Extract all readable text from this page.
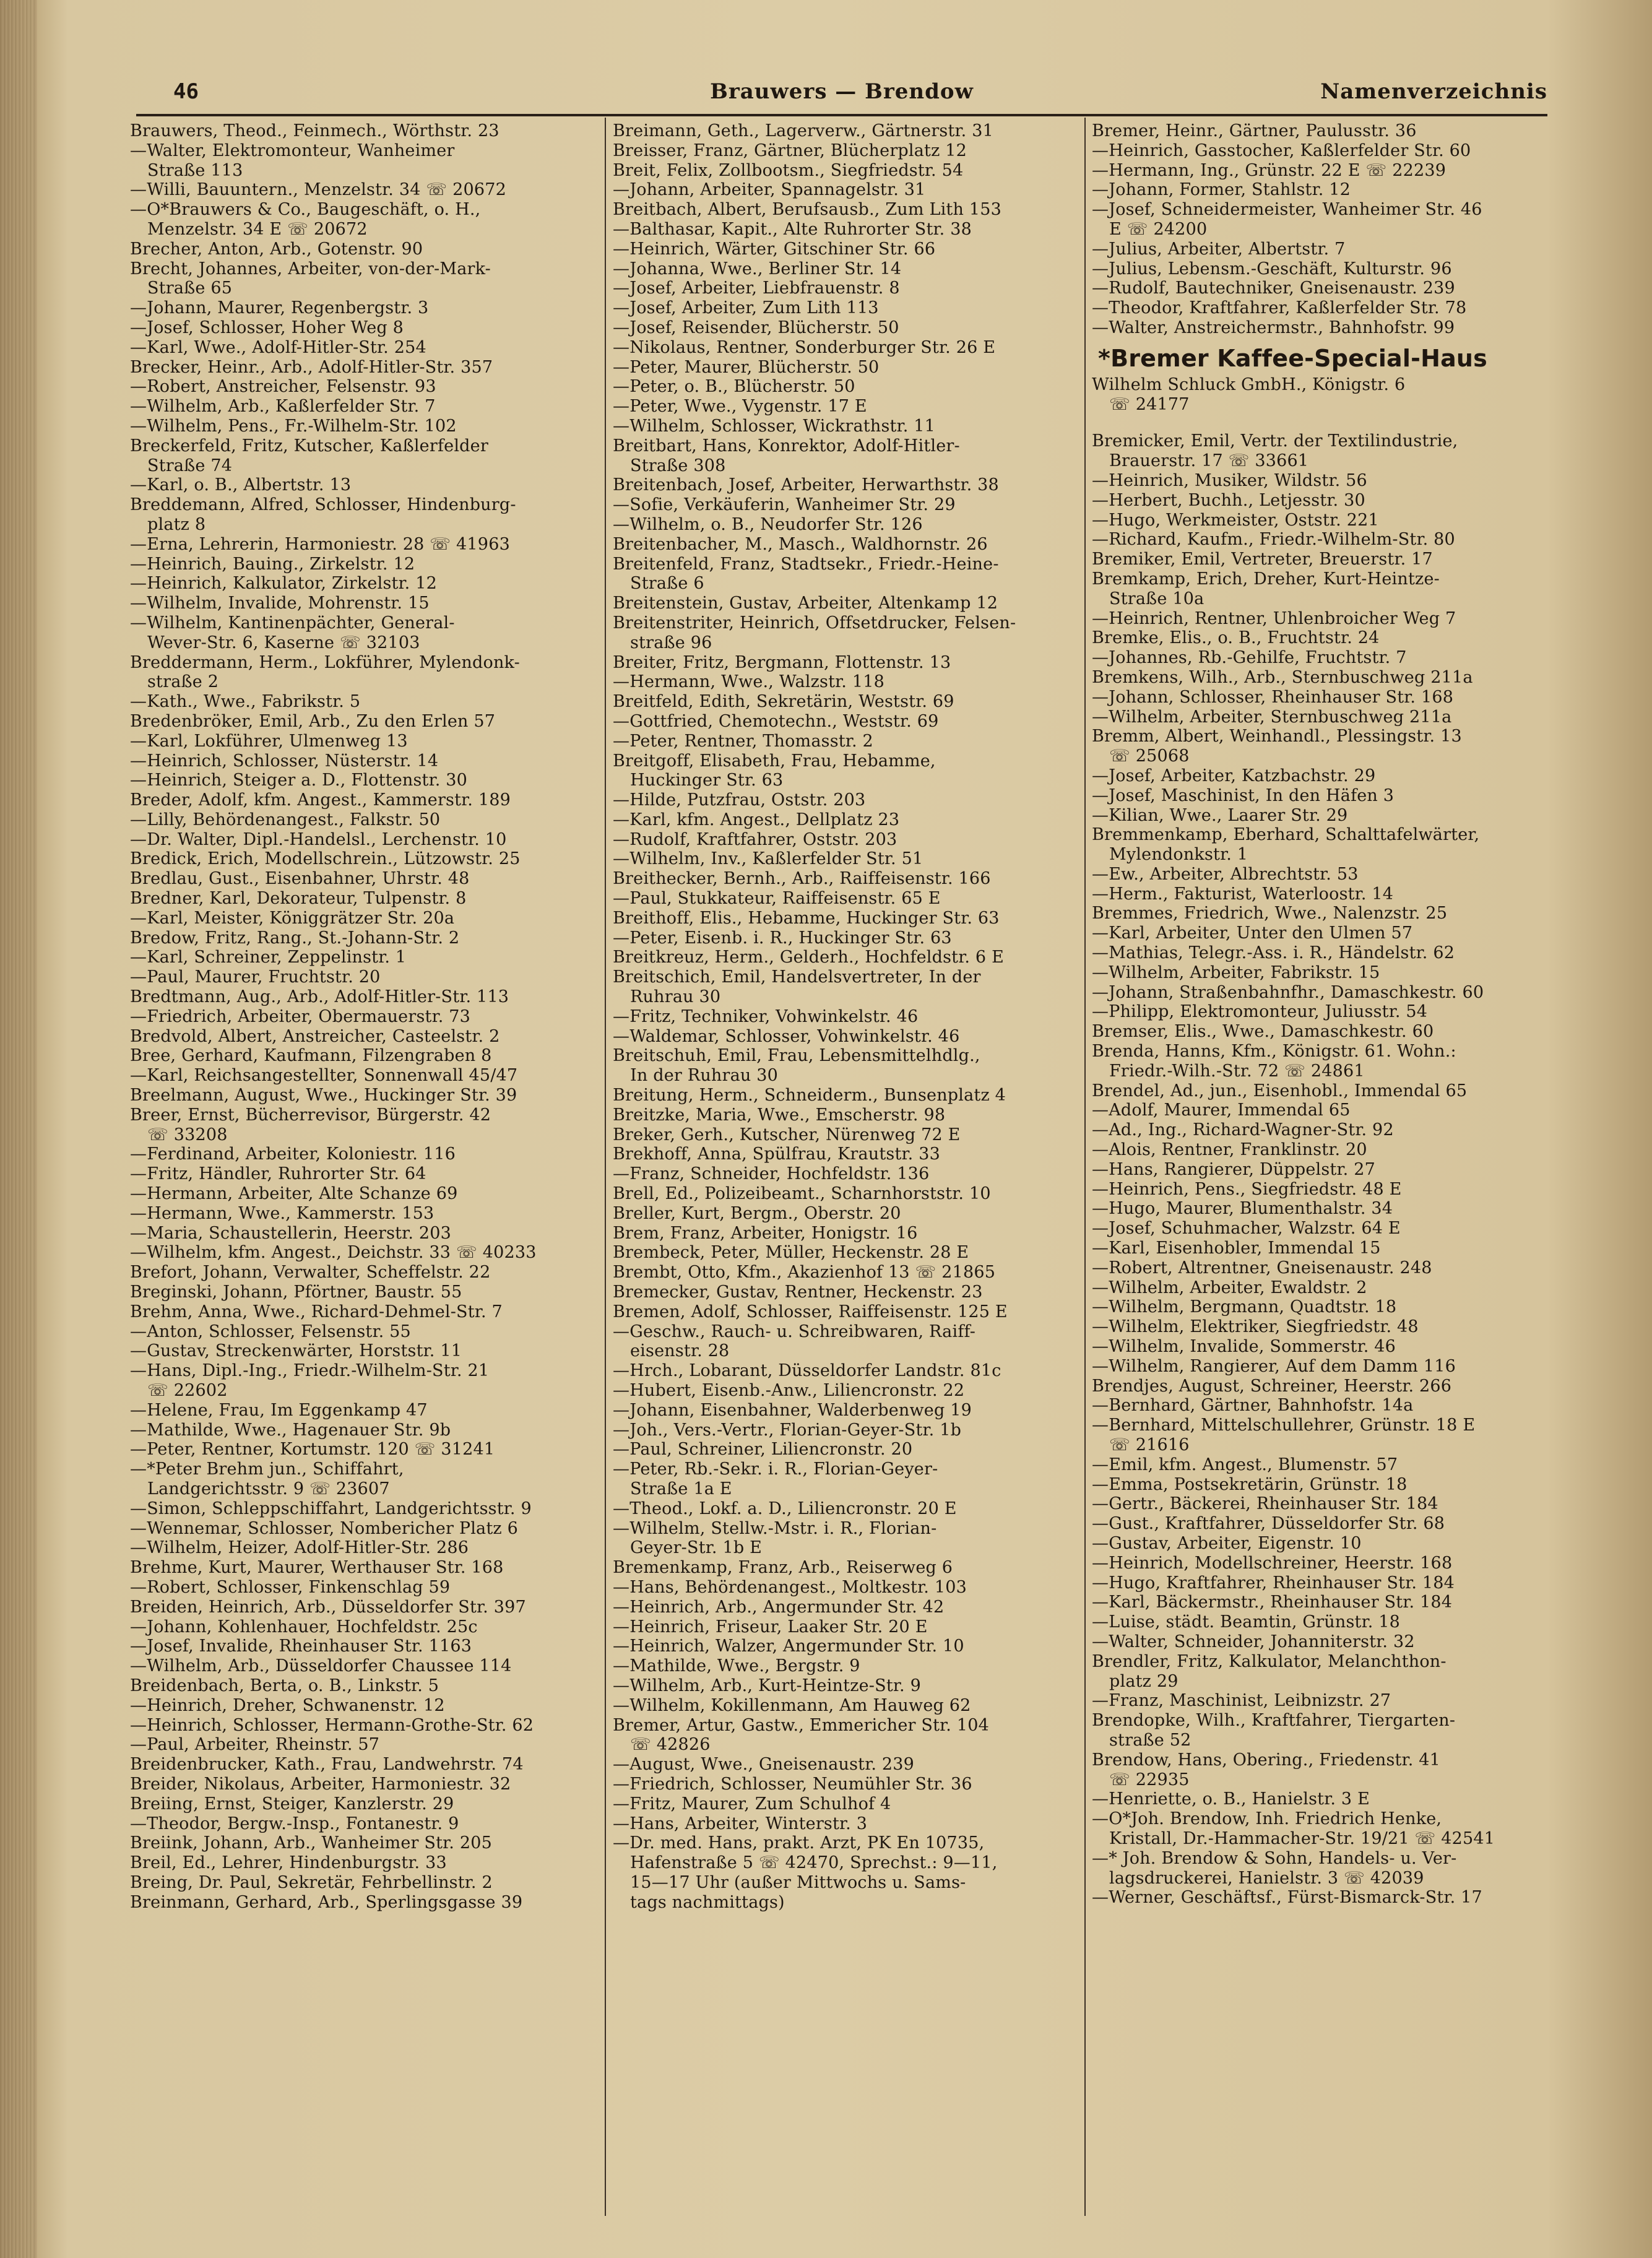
46	Brauwers — Brendow	Namenverzeichnis
Brauwers, Theod., Feinmech., Wörthstr. 23
—Walter, Elektromonteur, Wanheimer
Straße 113
—Willi, Bauuntern., Menzelstr. 34 ☏ 20672
—O*Brauwers & Co., Baugeschäft, o. H.,
Menzelstr. 34 E ☏ 20672
Brecher, Anton, Arb., Gotenstr. 90
Brecht, Johannes, Arbeiter, von-der-Mark-
Straße 65
—Johann, Maurer, Regenbergstr. 3
—Josef, Schlosser, Hoher Weg 8
—Karl, Wwe., Adolf-Hitler-Str. 254
Brecker, Heinr., Arb., Adolf-Hitler-Str. 357
—Robert, Anstreicher, Felsenstr. 93
—Wilhelm, Arb., Kaßlerfelder Str. 7
—Wilhelm, Pens., Fr.-Wilhelm-Str. 102
Breckerfeld, Fritz, Kutscher, Kaßlerfelder
Straße 74
—Karl, o. B., Albertstr. 13
Breddemann, Alfred, Schlosser, Hindenburg-
platz 8
—Erna, Lehrerin, Harmoniestr. 28 ☏ 41963
—Heinrich, Bauing., Zirkelstr. 12
—Heinrich, Kalkulator, Zirkelstr. 12
—Wilhelm, Invalide, Mohrenstr. 15
—Wilhelm, Kantinenpächter, General-
Wever-Str. 6, Kaserne ☏ 32103
Breddermann, Herm., Lokführer, Mylendonk-
straße 2
—Kath., Wwe., Fabrikstr. 5
Bredenbröker, Emil, Arb., Zu den Erlen 57
—Karl, Lokführer, Ulmenweg 13
—Heinrich, Schlosser, Nüsterstr. 14
—Heinrich, Steiger a. D., Flottenstr. 30
Breder, Adolf, kfm. Angest., Kammerstr. 189
—Lilly, Behördenangest., Falkstr. 50
—Dr. Walter, Dipl.-Handelsl., Lerchenstr. 10
Bredick, Erich, Modellschrein., Lützowstr. 25
Bredlau, Gust., Eisenbahner, Uhrstr. 48
Bredner, Karl, Dekorateur, Tulpenstr. 8
—Karl, Meister, Königgrätzer Str. 20a
Bredow, Fritz, Rang., St.-Johann-Str. 2
—Karl, Schreiner, Zeppelinstr. 1
—Paul, Maurer, Fruchtstr. 20
Bredtmann, Aug., Arb., Adolf-Hitler-Str. 113
—Friedrich, Arbeiter, Obermauerstr. 73
Bredvold, Albert, Anstreicher, Casteelstr. 2
Bree, Gerhard, Kaufmann, Filzengraben 8
—Karl, Reichsangestellter, Sonnenwall 45/47
Breelmann, August, Wwe., Huckinger Str. 39
Breer, Ernst, Bücherrevisor, Bürgerstr. 42
☏ 33208
—Ferdinand, Arbeiter, Koloniestr. 116
—Fritz, Händler, Ruhrorter Str. 64
—Hermann, Arbeiter, Alte Schanze 69
—Hermann, Wwe., Kammerstr. 153
—Maria, Schaustellerin, Heerstr. 203
—Wilhelm, kfm. Angest., Deichstr. 33 ☏ 40233
Brefort, Johann, Verwalter, Scheffelstr. 22
Breginski, Johann, Pförtner, Baustr. 55
Brehm, Anna, Wwe., Richard-Dehmel-Str. 7
—Anton, Schlosser, Felsenstr. 55
—Gustav, Streckenwärter, Horststr. 11
—Hans, Dipl.-Ing., Friedr.-Wilhelm-Str. 21
☏ 22602
—Helene, Frau, Im Eggenkamp 47
—Mathilde, Wwe., Hagenauer Str. 9b
—Peter, Rentner, Kortumstr. 120 ☏ 31241
—*Peter Brehm jun., Schiffahrt,
Landgerichtsstr. 9 ☏ 23607
—Simon, Schleppschiffahrt, Landgerichtsstr. 9
—Wennemar, Schlosser, Nombericher Platz 6
—Wilhelm, Heizer, Adolf-Hitler-Str. 286
Brehme, Kurt, Maurer, Werthauser Str. 168
—Robert, Schlosser, Finkenschlag 59
Breiden, Heinrich, Arb., Düsseldorfer Str. 397
—Johann, Kohlenhauer, Hochfeldstr. 25c
—Josef, Invalide, Rheinhauser Str. 1163
—Wilhelm, Arb., Düsseldorfer Chaussee 114
Breidenbach, Berta, o. B., Linkstr. 5
—Heinrich, Dreher, Schwanenstr. 12
—Heinrich, Schlosser, Hermann-Grothe-Str. 62
—Paul, Arbeiter, Rheinstr. 57
Breidenbrucker, Kath., Frau, Landwehrstr. 74
Breider, Nikolaus, Arbeiter, Harmoniestr. 32
Breiing, Ernst, Steiger, Kanzlerstr. 29
—Theodor, Bergw.-Insp., Fontanestr. 9
Breiink, Johann, Arb., Wanheimer Str. 205
Breil, Ed., Lehrer, Hindenburgstr. 33
Breing, Dr. Paul, Sekretär, Fehrbellinstr. 2
Breinmann, Gerhard, Arb., Sperlingsgasse 39
Breimann, Geth., Lagerverw., Gärtnerstr. 31
Breisser, Franz, Gärtner, Blücherplatz 12
Breit, Felix, Zollbootsm., Siegfriedstr. 54
—Johann, Arbeiter, Spannagelstr. 31
Breitbach, Albert, Berufsausb., Zum Lith 153
—Balthasar, Kapit., Alte Ruhrorter Str. 38
—Heinrich, Wärter, Gitschiner Str. 66
—Johanna, Wwe., Berliner Str. 14
—Josef, Arbeiter, Liebfrauenstr. 8
—Josef, Arbeiter, Zum Lith 113
—Josef, Reisender, Blücherstr. 50
—Nikolaus, Rentner, Sonderburger Str. 26 E
—Peter, Maurer, Blücherstr. 50
—Peter, o. B., Blücherstr. 50
—Peter, Wwe., Vygenstr. 17 E
—Wilhelm, Schlosser, Wickrathstr. 11
Breitbart, Hans, Konrektor, Adolf-Hitler-
Straße 308
Breitenbach, Josef, Arbeiter, Herwarthstr. 38
—Sofie, Verkäuferin, Wanheimer Str. 29
—Wilhelm, o. B., Neudorfer Str. 126
Breitenbacher, M., Masch., Waldhornstr. 26
Breitenfeld, Franz, Stadtsekr., Friedr.-Heine-
Straße 6
Breitenstein, Gustav, Arbeiter, Altenkamp 12
Breitenstriter, Heinrich, Offsetdrucker, Felsen-
straße 96
Breiter, Fritz, Bergmann, Flottenstr. 13
—Hermann, Wwe., Walzstr. 118
Breitfeld, Edith, Sekretärin, Weststr. 69
—Gottfried, Chemotechn., Weststr. 69
—Peter, Rentner, Thomasstr. 2
Breitgoff, Elisabeth, Frau, Hebamme,
Huckinger Str. 63
—Hilde, Putzfrau, Oststr. 203
—Karl, kfm. Angest., Dellplatz 23
—Rudolf, Kraftfahrer, Oststr. 203
—Wilhelm, Inv., Kaßlerfelder Str. 51
Breithecker, Bernh., Arb., Raiffeisenstr. 166
—Paul, Stukkateur, Raiffeisenstr. 65 E
Breithoff, Elis., Hebamme, Huckinger Str. 63
—Peter, Eisenb. i. R., Huckinger Str. 63
Breitkreuz, Herm., Gelderh., Hochfeldstr. 6 E
Breitschich, Emil, Handelsvertreter, In der
Ruhrau 30
—Fritz, Techniker, Vohwinkelstr. 46
—Waldemar, Schlosser, Vohwinkelstr. 46
Breitschuh, Emil, Frau, Lebensmittelhdlg.,
In der Ruhrau 30
Breitung, Herm., Schneiderm., Bunsenplatz 4
Breitzke, Maria, Wwe., Emscherstr. 98
Breker, Gerh., Kutscher, Nürenweg 72 E
Brekhoff, Anna, Spülfrau, Krautstr. 33
—Franz, Schneider, Hochfeldstr. 136
Brell, Ed., Polizeibeamt., Scharnhorststr. 10
Breller, Kurt, Bergm., Oberstr. 20
Brem, Franz, Arbeiter, Honigstr. 16
Brembeck, Peter, Müller, Heckenstr. 28 E
Brembt, Otto, Kfm., Akazienhof 13 ☏ 21865
Bremecker, Gustav, Rentner, Heckenstr. 23
Bremen, Adolf, Schlosser, Raiffeisenstr. 125 E
—Geschw., Rauch- u. Schreibwaren, Raiff-
eisenstr. 28
—Hrch., Lobarant, Düsseldorfer Landstr. 81c
—Hubert, Eisenb.-Anw., Liliencronstr. 22
—Johann, Eisenbahner, Walderbenweg 19
—Joh., Vers.-Vertr., Florian-Geyer-Str. 1b
—Paul, Schreiner, Liliencronstr. 20
—Peter, Rb.-Sekr. i. R., Florian-Geyer-
Straße 1a E
—Theod., Lokf. a. D., Liliencronstr. 20 E
—Wilhelm, Stellw.-Mstr. i. R., Florian-
Geyer-Str. 1b E
Bremenkamp, Franz, Arb., Reiserweg 6
—Hans, Behördenangest., Moltkestr. 103
—Heinrich, Arb., Angermunder Str. 42
—Heinrich, Friseur, Laaker Str. 20 E
—Heinrich, Walzer, Angermunder Str. 10
—Mathilde, Wwe., Bergstr. 9
—Wilhelm, Arb., Kurt-Heintze-Str. 9
—Wilhelm, Kokillenmann, Am Hauweg 62
Bremer, Artur, Gastw., Emmericher Str. 104
☏ 42826
—August, Wwe., Gneisenaustr. 239
—Friedrich, Schlosser, Neumühler Str. 36
—Fritz, Maurer, Zum Schulhof 4
—Hans, Arbeiter, Winterstr. 3
—Dr. med. Hans, prakt. Arzt, PK En 10735,
Hafenstraße 5 ☏ 42470, Sprechst.: 9—11,
15—17 Uhr (außer Mittwochs u. Sams-
tags nachmittags)
Bremer, Heinr., Gärtner, Paulusstr. 36
—Heinrich, Gasstocher, Kaßlerfelder Str. 60
—Hermann, Ing., Grünstr. 22 E ☏ 22239
—Johann, Former, Stahlstr. 12
—Josef, Schneidermeister, Wanheimer Str. 46
E ☏ 24200
—Julius, Arbeiter, Albertstr. 7
—Julius, Lebensm.-Geschäft, Kulturstr. 96
—Rudolf, Bautechniker, Gneisenaustr. 239
—Theodor, Kraftfahrer, Kaßlerfelder Str. 78
—Walter, Anstreichermstr., Bahnhofstr. 99
*Bremer Kaffee-Special-Haus
Wilhelm Schluck GmbH., Königstr. 6
☏ 24177
Bremicker, Emil, Vertr. der Textilindustrie,
Brauerstr. 17 ☏ 33661
—Heinrich, Musiker, Wildstr. 56
—Herbert, Buchh., Letjesstr. 30
—Hugo, Werkmeister, Oststr. 221
—Richard, Kaufm., Friedr.-Wilhelm-Str. 80
Bremiker, Emil, Vertreter, Breuerstr. 17
Bremkamp, Erich, Dreher, Kurt-Heintze-
Straße 10a
—Heinrich, Rentner, Uhlenbroicher Weg 7
Bremke, Elis., o. B., Fruchtstr. 24
—Johannes, Rb.-Gehilfe, Fruchtstr. 7
Bremkens, Wilh., Arb., Sternbuschweg 211a
—Johann, Schlosser, Rheinhauser Str. 168
—Wilhelm, Arbeiter, Sternbuschweg 211a
Bremm, Albert, Weinhandl., Plessingstr. 13
☏ 25068
—Josef, Arbeiter, Katzbachstr. 29
—Josef, Maschinist, In den Häfen 3
—Kilian, Wwe., Laarer Str. 29
Bremmenkamp, Eberhard, Schalttafelwärter,
Mylendonkstr. 1
—Ew., Arbeiter, Albrechtstr. 53
—Herm., Fakturist, Waterloostr. 14
Bremmes, Friedrich, Wwe., Nalenzstr. 25
—Karl, Arbeiter, Unter den Ulmen 57
—Mathias, Telegr.-Ass. i. R., Händelstr. 62
—Wilhelm, Arbeiter, Fabrikstr. 15
—Johann, Straßenbahnfhr., Damaschkestr. 60
—Philipp, Elektromonteur, Juliusstr. 54
Bremser, Elis., Wwe., Damaschkestr. 60
Brenda, Hanns, Kfm., Königstr. 61. Wohn.:
Friedr.-Wilh.-Str. 72 ☏ 24861
Brendel, Ad., jun., Eisenhobl., Immendal 65
—Adolf, Maurer, Immendal 65
—Ad., Ing., Richard-Wagner-Str. 92
—Alois, Rentner, Franklinstr. 20
—Hans, Rangierer, Düppelstr. 27
—Heinrich, Pens., Siegfriedstr. 48 E
—Hugo, Maurer, Blumenthalstr. 34
—Josef, Schuhmacher, Walzstr. 64 E
—Karl, Eisenhobler, Immendal 15
—Robert, Altrentner, Gneisenaustr. 248
—Wilhelm, Arbeiter, Ewaldstr. 2
—Wilhelm, Bergmann, Quadtstr. 18
—Wilhelm, Elektriker, Siegfriedstr. 48
—Wilhelm, Invalide, Sommerstr. 46
—Wilhelm, Rangierer, Auf dem Damm 116
Brendjes, August, Schreiner, Heerstr. 266
—Bernhard, Gärtner, Bahnhofstr. 14a
—Bernhard, Mittelschullehrer, Grünstr. 18 E
☏ 21616
—Emil, kfm. Angest., Blumenstr. 57
—Emma, Postsekretärin, Grünstr. 18
—Gertr., Bäckerei, Rheinhauser Str. 184
—Gust., Kraftfahrer, Düsseldorfer Str. 68
—Gustav, Arbeiter, Eigenstr. 10
—Heinrich, Modellschreiner, Heerstr. 168
—Hugo, Kraftfahrer, Rheinhauser Str. 184
—Karl, Bäckermstr., Rheinhauser Str. 184
—Luise, städt. Beamtin, Grünstr. 18
—Walter, Schneider, Johanniterstr. 32
Brendler, Fritz, Kalkulator, Melanchthon-
platz 29
—Franz, Maschinist, Leibnizstr. 27
Brendopke, Wilh., Kraftfahrer, Tiergarten-
straße 52
Brendow, Hans, Obering., Friedenstr. 41
☏ 22935
—Henriette, o. B., Hanielstr. 3 E
—O*Joh. Brendow, Inh. Friedrich Henke,
Kristall, Dr.-Hammacher-Str. 19/21 ☏ 42541
—* Joh. Brendow & Sohn, Handels- u. Ver-
lagsdruckerei, Hanielstr. 3 ☏ 42039
—Werner, Geschäftsf., Fürst-Bismarck-Str. 17
